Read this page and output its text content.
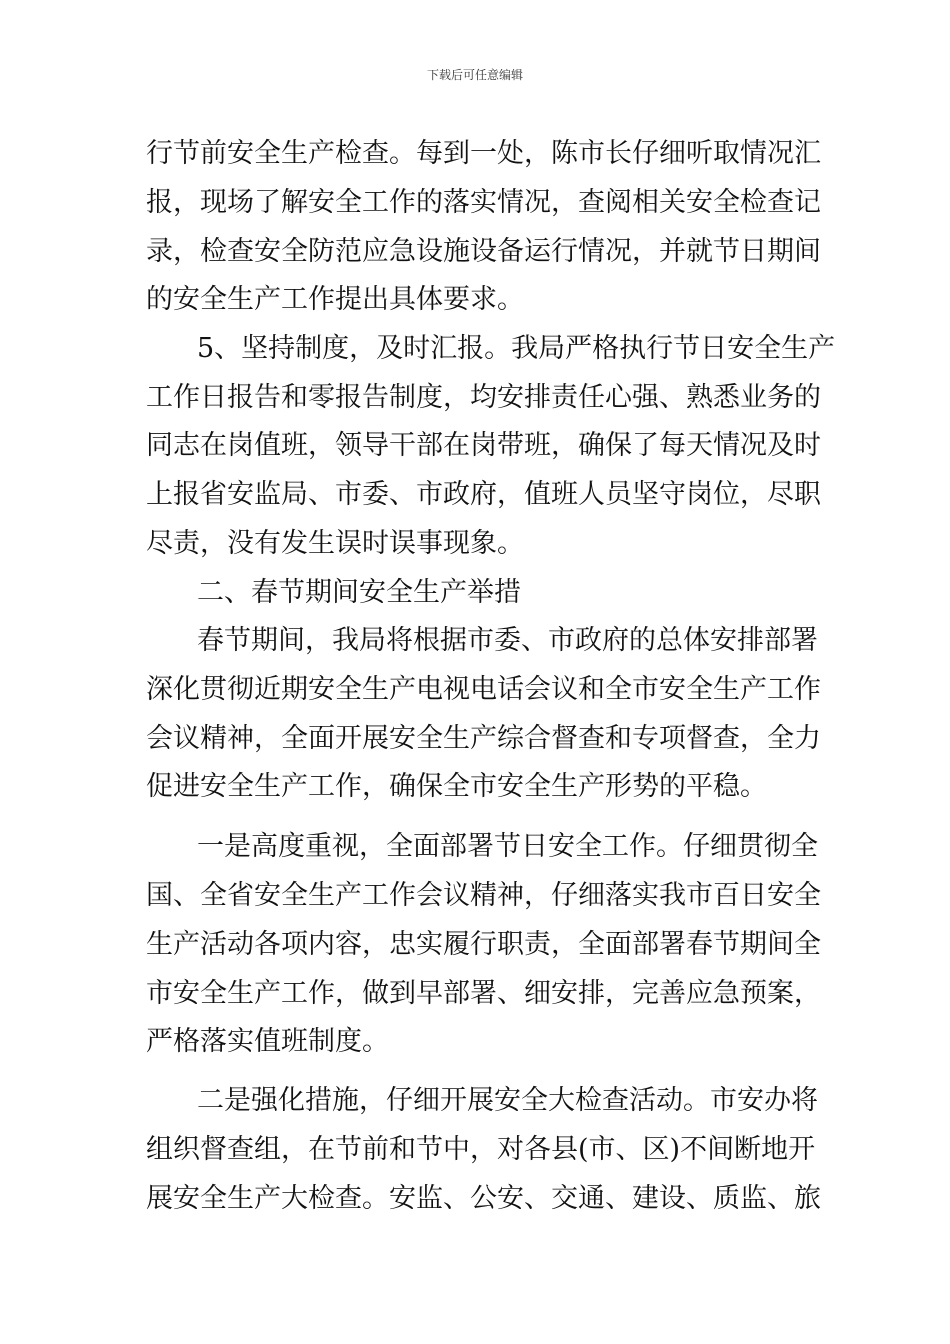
下载后可任意编辑
行节前安全生产检查。每到一处，陈市长仔细听取情况汇
报，现场了解安全工作的落实情况，查阅相关安全检查记
录，检查安全防范应急设施设备运行情况，并就节日期间
的安全生产工作提出具体要求。
5、坚持制度，及时汇报。我局严格执行节日安全生产
工作日报告和零报告制度，均安排责任心强、熟悉业务的
同志在岗值班，领导干部在岗带班，确保了每天情况及时
上报省安监局、市委、市政府，值班人员坚守岗位，尽职
尽责，没有发生误时误事现象。
二、春节期间安全生产举措
春节期间，我局将根据市委、市政府的总体安排部署
深化贯彻近期安全生产电视电话会议和全市安全生产工作
会议精神，全面开展安全生产综合督查和专项督查，全力
促进安全生产工作，确保全市安全生产形势的平稳。
一是高度重视，全面部署节日安全工作。仔细贯彻全
国、全省安全生产工作会议精神，仔细落实我市百日安全
生产活动各项内容，忠实履行职责，全面部署春节期间全
市安全生产工作，做到早部署、细安排，完善应急预案，
严格落实值班制度。
二是强化措施，仔细开展安全大检查活动。市安办将
组织督查组，在节前和节中，对各县(市、区)不间断地开
展安全生产大检查。安监、公安、交通、建设、质监、旅
